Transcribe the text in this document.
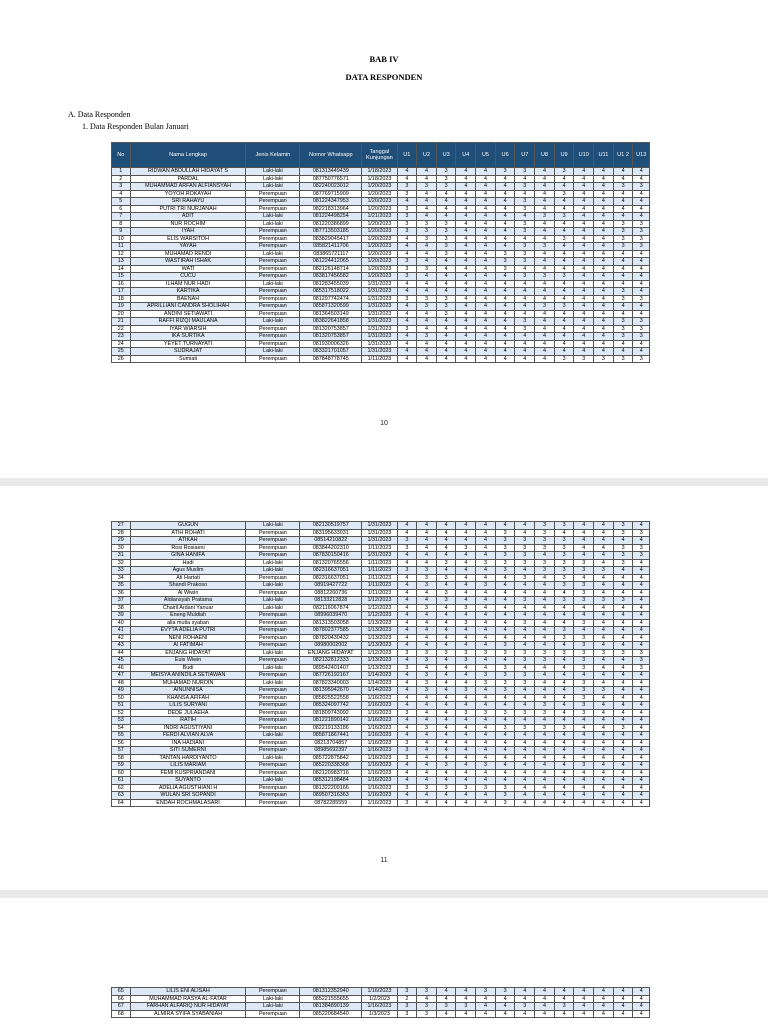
BAB IV
DATA RESPONDEN
A. Data Responden
1. Data Responden Bulan Januari
No	Nama Lengkap	Jenis Kelamin	Nomor Whatsapp	Tanggal Kunjungan	U1	U2	U3	U4	U5	U6	U7	U8	U9	U10	U11	U1 2	U13
1	RIDWAN ABDULLAH HIDAYAT S	Laki-laki	081313449439	1/18/2023	4	4	3	4	4	3	3	4	3	4	4	4	4
2	PARDAL	Laki-laki	087750776571	1/18/2023	4	4	3	4	4	4	4	4	4	4	4	4	4
3	MUHAMMAD ARFAN ALFIANSYAH	Laki-laki	082240023012	1/20/2023	3	3	3	4	4	4	3	4	4	4	4	3	3
4	YOYOH ROKAYAH	Perempuan	087769715909	1/20/2023	3	4	4	4	4	4	4	4	3	4	4	4	4
5	SRI RAHAYU	Perempuan	081224347953	1/20/2023	4	4	4	4	4	4	3	4	4	4	4	4	4
6	PUTRI TRI NURJANAH	Perempuan	082218313964	1/20/2023	3	4	4	4	4	4	3	4	4	4	4	4	4
7	ADIT	Laki-laki	081224498254	1/21/2023	3	4	4	4	4	4	4	3	3	4	4	4	4
8	NUR ROCHIM	Laki-laki	081220386899	1/20/2023	3	3	3	4	4	4	3	4	4	4	4	3	3
9	IYAH	Perempuan	087713503185	1/20/2023	3	3	3	4	4	4	3	4	4	4	4	3	3
10	ELIS WARSITOH	Perempuan	083829045417	1/20/2023	4	3	3	4	4	4	4	4	3	4	4	3	3
11	YAYAH	Perempuan	085821411706	1/20/2023	4	4	3	4	4	4	3	3	4	4	4	3	3
12	MUHAMAD RENDI	Laki-laki	083865721117	1/20/2023	4	4	3	4	4	3	3	4	4	4	4	4	4
13	WASTIRAH ISHAK	Perempuan	081224412065	1/20/2023	3	4	4	4	4	3	3	4	4	4	4	4	4
14	WATI	Perempuan	082126148714	1/20/2023	3	3	4	4	4	3	4	4	4	4	4	4	4
15	CUCU	Perempuan	083817456582	1/20/2023	3	4	4	4	4	4	3	3	3	4	4	4	4
16	ILHAM NUR HADI	Laki-laki	081283455039	1/31/2023	4	4	4	4	4	4	4	4	4	4	4	4	4
17	KARTIKA	Perempuan	085317518022	1/31/2023	4	4	4	4	4	4	4	4	4	4	4	3	4
18	BAENAH	Perempuan	081297742474	1/31/2023	3	3	3	4	4	4	4	4	4	4	4	3	3
19	APRILLIANI CANDRA SHOLIHAH	Perempuan	085871320599	1/31/2023	4	3	3	4	4	4	4	3	3	4	4	4	4
20	ANDINI SETIAWATI	Perempuan	081364503149	1/31/2023	4	4	3	4	4	4	4	4	4	4	4	4	4
21	RAFFI RIZQI MAULANA	Laki-laki	083822641858	1/31/2023	4	4	4	4	4	4	3	4	4	4	4	3	3
22	IYAR WIARSIH	Perempuan	081320753857	1/31/2023	3	4	4	4	4	4	3	4	4	4	4	3	3
23	IKA SURTIKA	Perempuan	081320753857	1/31/2023	4	3	4	4	4	4	4	4	4	4	4	3	3
24	YEYET TURNAYATI	Perempuan	081930006326	1/31/2023	4	4	4	4	4	4	4	4	4	4	4	4	4
25	SUDRAJAT	Laki-laki	083321701057	1/31/2023	4	4	4	4	4	4	4	4	4	4	4	4	4
26	Sumiati	Perempuan	087848778745	1/11/2023	4	4	4	4	4	4	4	4	3	3	3	3	3
10
27	GUGUN	Laki-laki	082130519757	1/31/2023	4	4	4	4	4	4	4	3	3	4	4	3	4
28	ATIH ROHATI	Perempuan	083195633031	1/31/2023	4	4	4	4	4	3	4	3	4	4	4	3	3
29	ATIKAH	Perempuan	08514210822	1/31/2023	3	4	4	4	4	3	3	3	3	4	4	4	4
30	Rosi Rosiaeni	Perempuan	083844202310	1/11/2023	3	4	4	3	4	3	3	3	3	4	4	3	3
31	GINA HANIFA	Perempuan	087830150416	1/31/2023	4	4	4	4	4	3	3	4	3	4	4	3	3
32	Hadi	Laki-laki	081320765556	1/11/2023	4	4	3	4	3	3	3	3	3	3	4	3	4
33	Agus Muslim	Laki-laki	082316637051	1/11/2023	3	3	4	4	4	3	4	3	3	3	3	4	4
34	Ati Hartati	Perempuan	082316637051	1/11/2023	4	3	3	4	4	4	3	4	3	4	4	4	4
35	Shandi Prakoso	Laki-laki	08919427722	1/11/2023	4	3	4	4	3	4	4	4	3	3	4	4	4
36	Ai Wiwin	Perempuan	08812260736	1/11/2023	4	4	3	4	4	4	4	4	4	3	4	4	4
37	Aldiansyah Pratama	Laki-laki	08133212828	1/12/2023	4	4	3	4	4	4	3	4	3	3	3	3	4
38	Chairil Ardani Yanuar	Laki-laki	082116067874	1/12/2023	4	3	4	3	4	4	4	4	4	4	4	4	4
39	Eneng Muldiah	Perempuan	08996039470	1/12/2023	4	4	4	4	4	4	4	4	4	4	4	4	4
40	alia mutia syaban	Perempuan	081313503058	1/13/2023	4	4	4	3	4	4	3	4	4	3	4	4	4
41	EVYTA ADELIA PUTRI	Perempuan	087802377585	1/13/2023	4	4	4	4	4	4	4	4	3	4	4	4	4
42	NENI ROHAENI	Perempuan	087820430432	1/13/2023	4	4	4	4	4	4	4	4	3	3	4	4	4
43	AI FATIMAH	Perempuan	08980002002	1/13/2023	4	4	4	4	4	3	4	4	4	3	4	4	4
44	ENJANG HIDAYAT	Laki-laki	ENJANG HIDAYAT	1/12/2023	3	3	3	3	3	3	3	3	3	3	3	3	3
45	Euis Wiwin	Perempuan	082132812333	1/13/2023	4	3	4	3	4	4	3	3	4	3	4	4	3
46	Budi	Laki-laki	089542401407	1/13/2023	3	4	4	4	4	3	4	4	4	3	4	4	3
47	MEISYA ANINDILA SETIAWAN	Perempuan	087726192167	1/14/2023	4	3	4	4	3	3	3	4	4	4	4	4	4
48	MUHAMAD NUROIN	Laki-laki	087823340003	1/14/2023	4	3	4	4	3	3	3	4	4	3	4	4	4
49	AINUNNISA	Perempuan	081395942670	1/14/2023	4	3	4	3	4	3	4	4	4	3	3	4	4
50	KHANSA AFIFAH	Perempuan	085825522558	1/16/2023	4	4	4	4	4	4	4	4	4	3	4	4	4
51	LILIS SURYANI	Perempuan	085324097742	1/16/2023	4	4	4	4	4	4	4	3	4	3	4	4	4
52	DEDE JULAEHA	Perempuan	081809743092	1/16/2023	3	4	4	3	3	3	3	3	4	3	4	4	4
53	RATIH	Perempuan	081221890142	1/16/2023	4	4	4	4	4	4	4	4	4	4	4	4	4
54	INDRI AGUSTIYANI	Perempuan	082219133186	1/16/2023	4	3	4	4	4	3	3	3	3	4	4	3	4
55	FERDI ALVIAN ALVA	Laki-laki	085871867441	1/16/2023	4	4	4	4	4	4	4	4	4	4	4	4	4
56	INA HADIANI	Perempuan	08213704857	1/16/2023	3	4	4	4	4	4	4	4	4	4	4	4	4
57	SITI SUMERNI	Perempuan	08985692397	1/16/2023	3	4	4	4	4	4	4	4	4	4	4	4	4
58	TANTAN HARDIYANTO	Laki-laki	085722875842	1/16/2023	3	4	4	4	4	4	4	4	4	4	4	4	4
59	LILIS MARIAM	Perempuan	085220338368	1/16/2023	4	4	3	4	3	4	4	4	4	3	4	4	4
60	FEMI KUSPRIANDANI	Perempuan	082120983716	1/16/2023	4	4	4	4	4	4	4	4	4	4	4	4	4
61	SUYANTO	Laki-laki	085312198484	1/16/2023	4	4	4	4	4	4	4	4	4	4	4	4	4
62	ADELIA AGUSTHIANI H	Perempuan	081322209166	1/16/2023	3	3	3	3	3	3	4	4	4	4	4	4	4
63	WULAN SRI SOPANDI	Perempuan	089507316363	1/16/2023	4	4	4	4	4	3	4	4	4	4	4	4	4
64	ENDAH ROCHMALASARI	Perempuan	08782285559	1/16/2023	3	4	4	4	4	3	4	4	4	4	4	4	4
11
65	LILIS ENI ALISAH	Perempuan	081312352940	1/16/2023	3	3	4	4	3	3	4	4	4	4	4	4	4
66	MUHAMMAD RASYA AL-FATAR	Laki-laki	085221555655	1/2/2023	2	4	4	4	4	4	4	4	4	4	4	4	4
67	FARHAN ALFARIQ NUR HIDAYAT	Laki-laki	081384890139	1/16/2023	3	3	3	3	4	4	3	4	3	4	4	4	4
68	ALMIRA SYIFA SYABANIAH	Perempuan	085220684540	1/3/2023	3	3	4	4	4	4	4	4	4	4	4	4	4
